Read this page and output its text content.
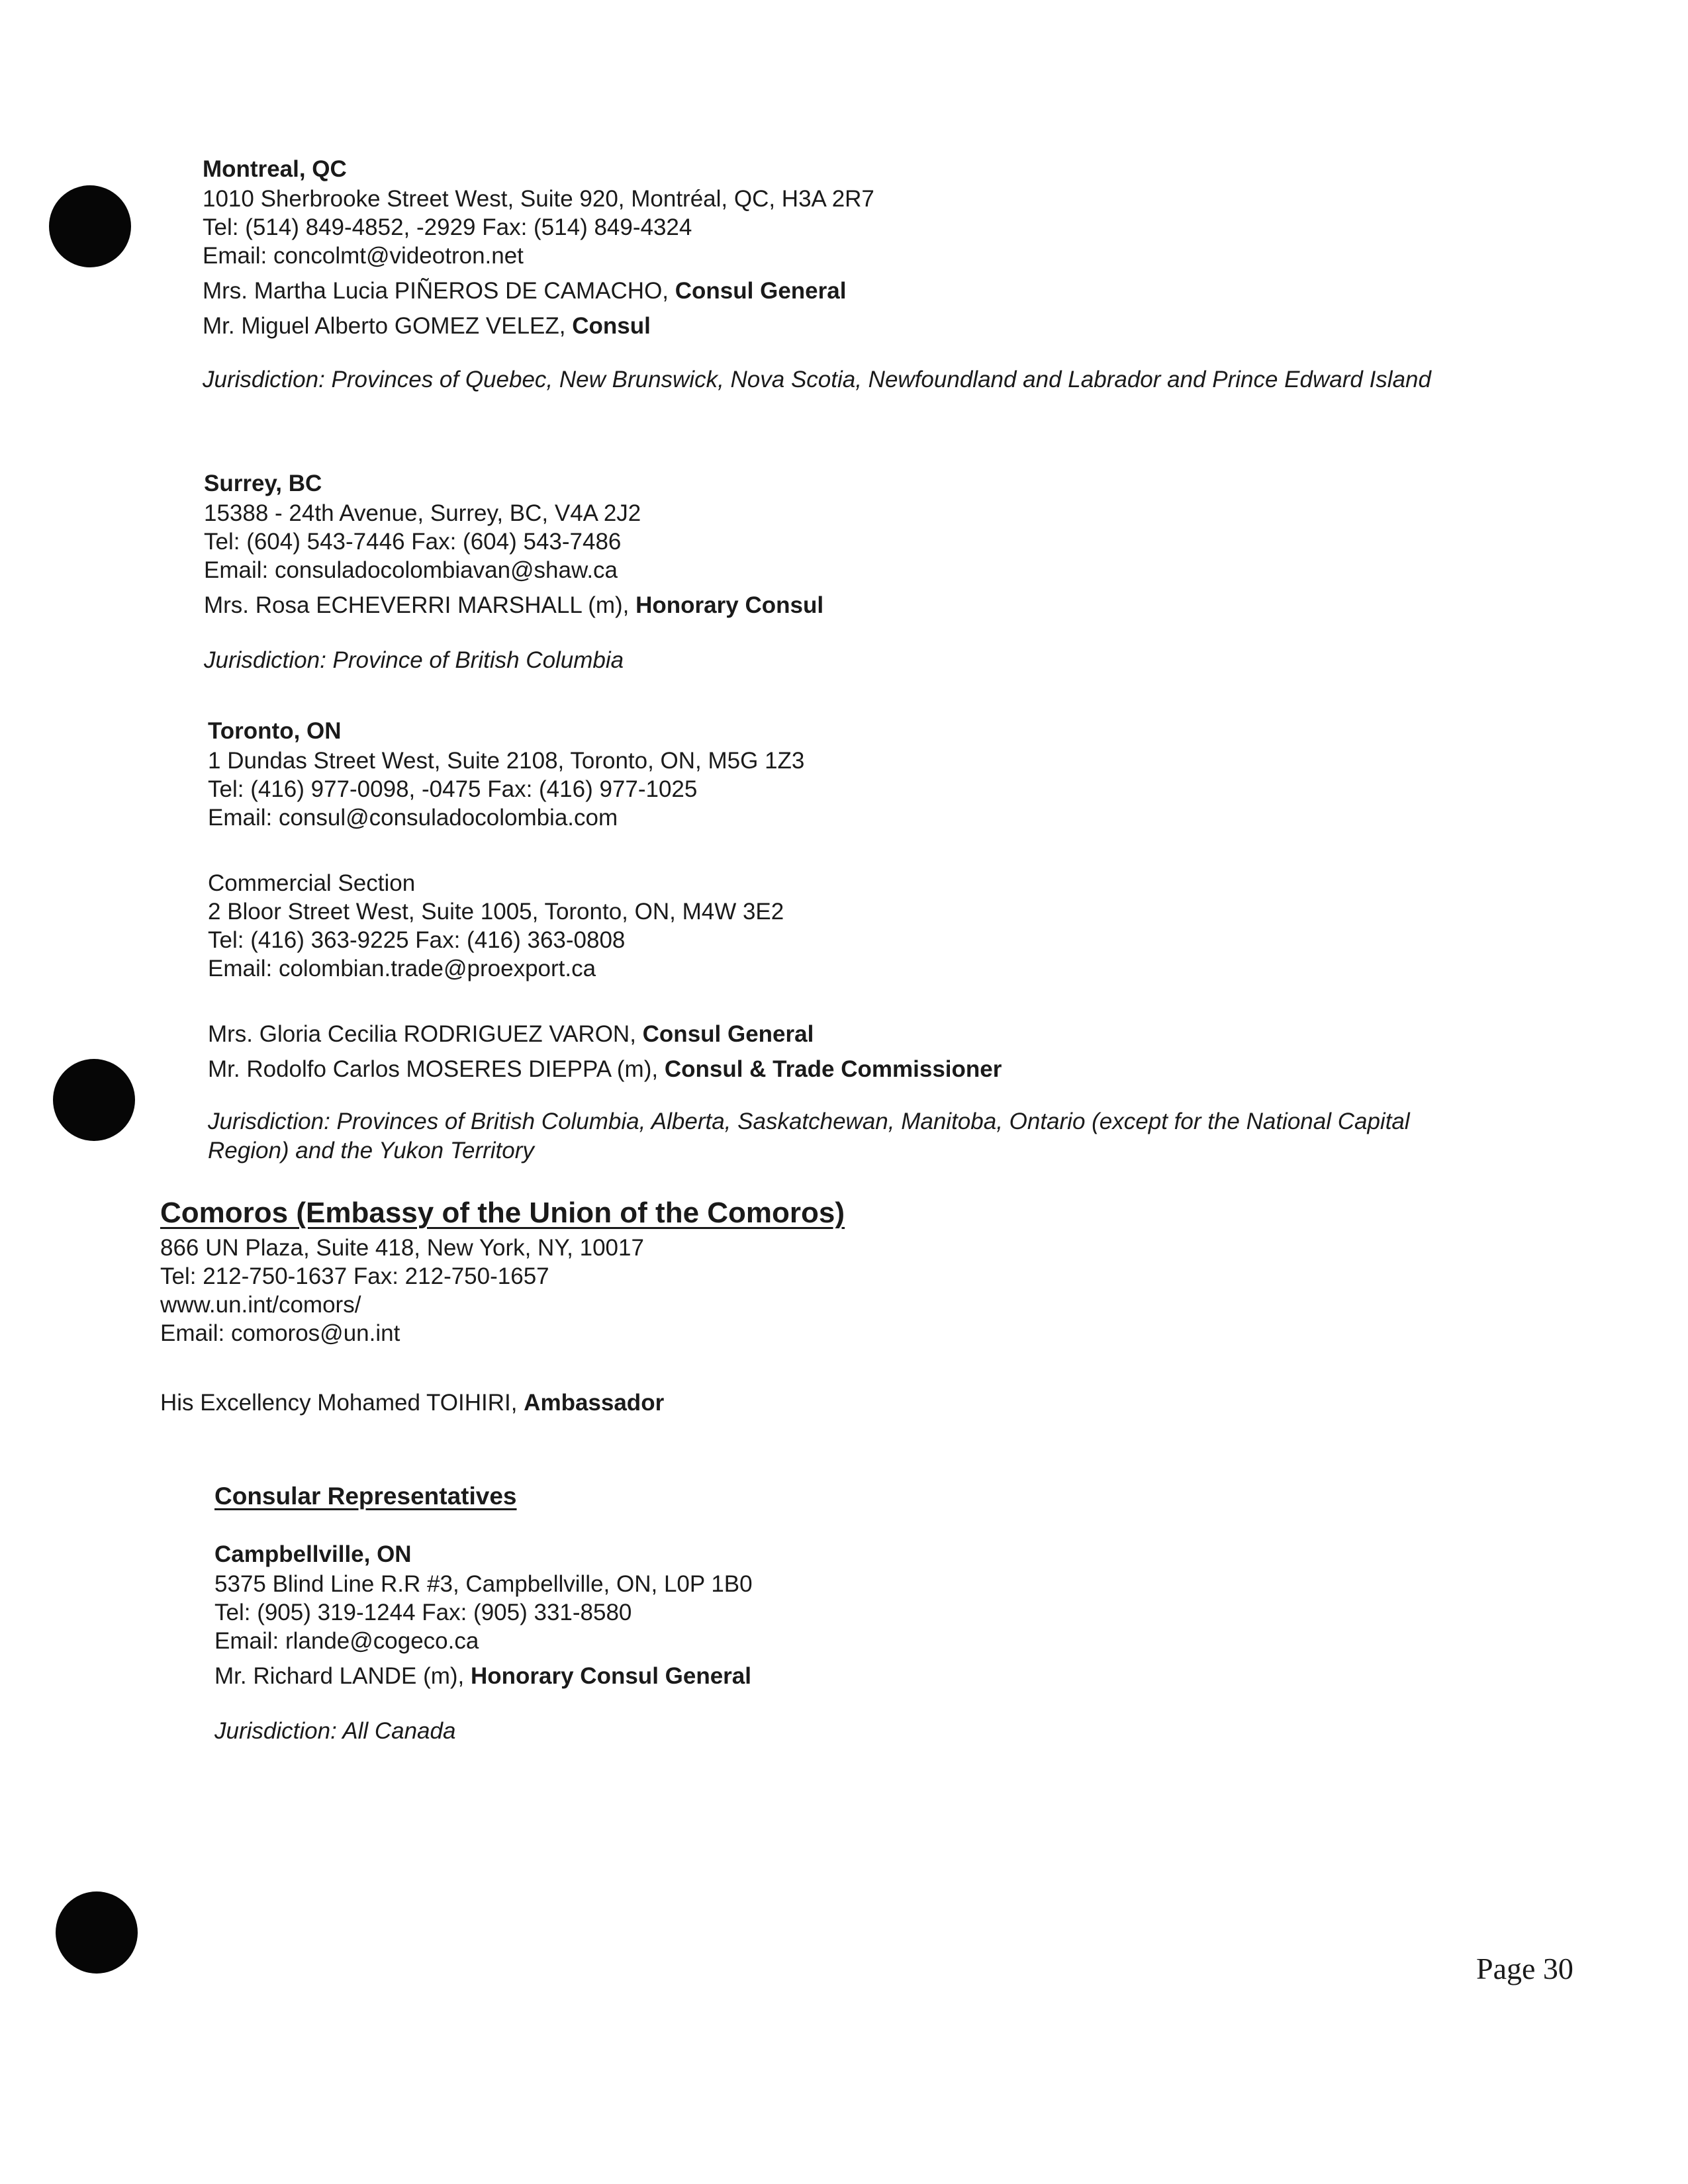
Montreal, QC
1010 Sherbrooke Street West, Suite 920, Montréal, QC, H3A 2R7
Tel: (514) 849-4852, -2929 Fax: (514) 849-4324
Email: concolmt@videotron.net
Mrs. Martha Lucia PIÑEROS DE CAMACHO, Consul General
Mr. Miguel Alberto GOMEZ VELEZ, Consul
Jurisdiction: Provinces of Quebec, New Brunswick, Nova Scotia, Newfoundland and Labrador and Prince Edward Island
Surrey, BC
15388 - 24th Avenue, Surrey, BC, V4A 2J2
Tel: (604) 543-7446 Fax: (604) 543-7486
Email: consuladocolombiavan@shaw.ca
Mrs. Rosa ECHEVERRI MARSHALL (m), Honorary Consul
Jurisdiction: Province of British Columbia
Toronto, ON
1 Dundas Street West, Suite 2108, Toronto, ON, M5G 1Z3
Tel: (416) 977-0098, -0475 Fax: (416) 977-1025
Email: consul@consuladocolombia.com
Commercial Section
2 Bloor Street West, Suite 1005, Toronto, ON, M4W 3E2
Tel: (416) 363-9225 Fax: (416) 363-0808
Email: colombian.trade@proexport.ca
Mrs. Gloria Cecilia RODRIGUEZ VARON, Consul General
Mr. Rodolfo Carlos MOSERES DIEPPA (m), Consul & Trade Commissioner
Jurisdiction: Provinces of British Columbia, Alberta, Saskatchewan, Manitoba, Ontario (except for the National Capital
Region) and the Yukon Territory
Comoros (Embassy of the Union of the Comoros)
866 UN Plaza, Suite 418, New York, NY, 10017
Tel: 212-750-1637 Fax: 212-750-1657
www.un.int/comors/
Email: comoros@un.int
His Excellency Mohamed TOIHIRI, Ambassador
Consular Representatives
Campbellville, ON
5375 Blind Line R.R #3, Campbellville, ON, L0P 1B0
Tel: (905) 319-1244 Fax: (905) 331-8580
Email: rlande@cogeco.ca
Mr. Richard LANDE (m), Honorary Consul General
Jurisdiction: All Canada
Page 30
